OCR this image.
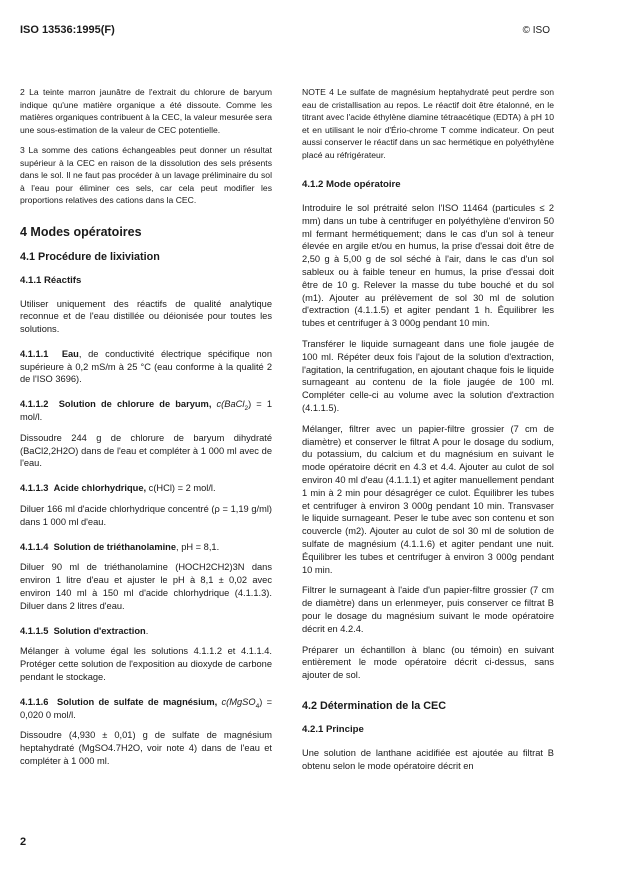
ISO 13536:1995(F)	© ISO

2 La teinte marron jaunâtre de l'extrait du chlorure de baryum indique qu'une matière organique a été dissoute. Comme les matières organiques contribuent à la CEC, la valeur mesurée sera une sous-estimation de la valeur de CEC potentielle.

3 La somme des cations échangeables peut donner un résultat supérieur à la CEC en raison de la dissolution des sels présents dans le sol. Il ne faut pas procéder à un lavage préliminaire du sol à l'eau pour éliminer ces sels, car cela peut modifier les proportions relatives des cations dans la CEC.

4 Modes opératoires
4.1 Procédure de lixiviation
4.1.1 Réactifs

Utiliser uniquement des réactifs de qualité analytique reconnue et de l'eau distillée ou déionisée pour toutes les solutions.

4.1.1.1 Eau, de conductivité électrique spécifique non supérieure à 0,2 mS/m à 25 °C (eau conforme à la qualité 2 de l'ISO 3696).

4.1.1.2 Solution de chlorure de baryum, c(BaCl$_2$) = 1 mol/l.

Dissoudre 244 g de chlorure de baryum dihydraté (BaCl2,2H2O) dans de l'eau et compléter à 1 000 ml avec de l'eau.

4.1.1.3 Acide chlorhydrique, c(HCl) = 2 mol/l.

Diluer 166 ml d'acide chlorhydrique concentré (ρ = 1,19 g/ml) dans 1 000 ml d'eau.

4.1.1.4 Solution de triéthanolamine, pH = 8,1.

Diluer 90 ml de triéthanolamine (HOCH2CH2)3N dans environ 1 litre d'eau et ajuster le pH à 8,1 ± 0,02 avec environ 140 ml à 150 ml d'acide chlorhydrique (4.1.1.3). Diluer dans 2 litres d'eau.

4.1.1.5 Solution d'extraction.

Mélanger à volume égal les solutions 4.1.1.2 et 4.1.1.4. Protéger cette solution de l'exposition au dioxyde de carbone pendant le stockage.

4.1.1.6 Solution de sulfate de magnésium, c(MgSO$_4$) = 0,020 0 mol/l.

Dissoudre (4,930 ± 0,01) g de sulfate de magnésium heptahydraté (MgSO4.7H2O, voir note 4) dans de l'eau et compléter à 1 000 ml.

NOTE 4 Le sulfate de magnésium heptahydraté peut perdre son eau de cristallisation au repos. Le réactif doit être étalonné, en le titrant avec l'acide éthylène diamine tétraacétique (EDTA) à pH 10 et en utilisant le noir d'Ério-chrome T comme indicateur. On peut aussi conserver le réactif dans un sac hermétique en polyéthylène placé au réfrigérateur.

4.1.2 Mode opératoire

Introduire le sol prétraité selon l'ISO 11464 (particules ≤ 2 mm) dans un tube à centrifuger en polyéthylène d'environ 50 ml fermant hermétiquement; dans le cas d'un sol à teneur élevée en argile et/ou en humus, la prise d'essai doit être de 2,50 g à 5,00 g de sol séché à l'air, dans le cas d'un sol sableux ou à faible teneur en humus, la prise d'essai doit être de 10 g. Relever la masse du tube bouché et du sol (m1). Ajouter au prélèvement de sol 30 ml de solution d'extraction (4.1.1.5) et agiter pendant 1 h. Équilibrer les tubes et centrifuger à 3 000g pendant 10 min.

Transférer le liquide surnageant dans une fiole jaugée de 100 ml. Répéter deux fois l'ajout de la solution d'extraction, l'agitation, la centrifugation, en ajoutant chaque fois le liquide surnageant au contenu de la fiole jaugée de 100 ml. Compléter celle-ci au volume avec la solution d'extraction (4.1.1.5).

Mélanger, filtrer avec un papier-filtre grossier (7 cm de diamètre) et conserver le filtrat A pour le dosage du sodium, du potassium, du calcium et du magnésium en suivant le mode opératoire décrit en 4.3 et 4.4. Ajouter au culot de sol environ 40 ml d'eau (4.1.1.1) et agiter manuellement pendant 1 min à 2 min pour désagréger ce culot. Équilibrer les tubes et centrifuger à environ 3 000g pendant 10 min. Transvaser le liquide surnageant. Peser le tube avec son contenu et son couvercle (m2). Ajouter au culot de sol 30 ml de solution de sulfate de magnésium (4.1.1.6) et agiter pendant une nuit. Équilibrer les tubes et centrifuger à environ 3 000g pendant 10 min.

Filtrer le surnageant à l'aide d'un papier-filtre grossier (7 cm de diamètre) dans un erlenmeyer, puis conserver ce filtrat B pour le dosage du magnésium suivant le mode opératoire décrit en 4.2.4.

Préparer un échantillon à blanc (ou témoin) en suivant entièrement le mode opératoire décrit ci-dessus, sans ajouter de sol.

4.2 Détermination de la CEC
4.2.1 Principe

Une solution de lanthane acidifiée est ajoutée au filtrat B obtenu selon le mode opératoire décrit en

2
